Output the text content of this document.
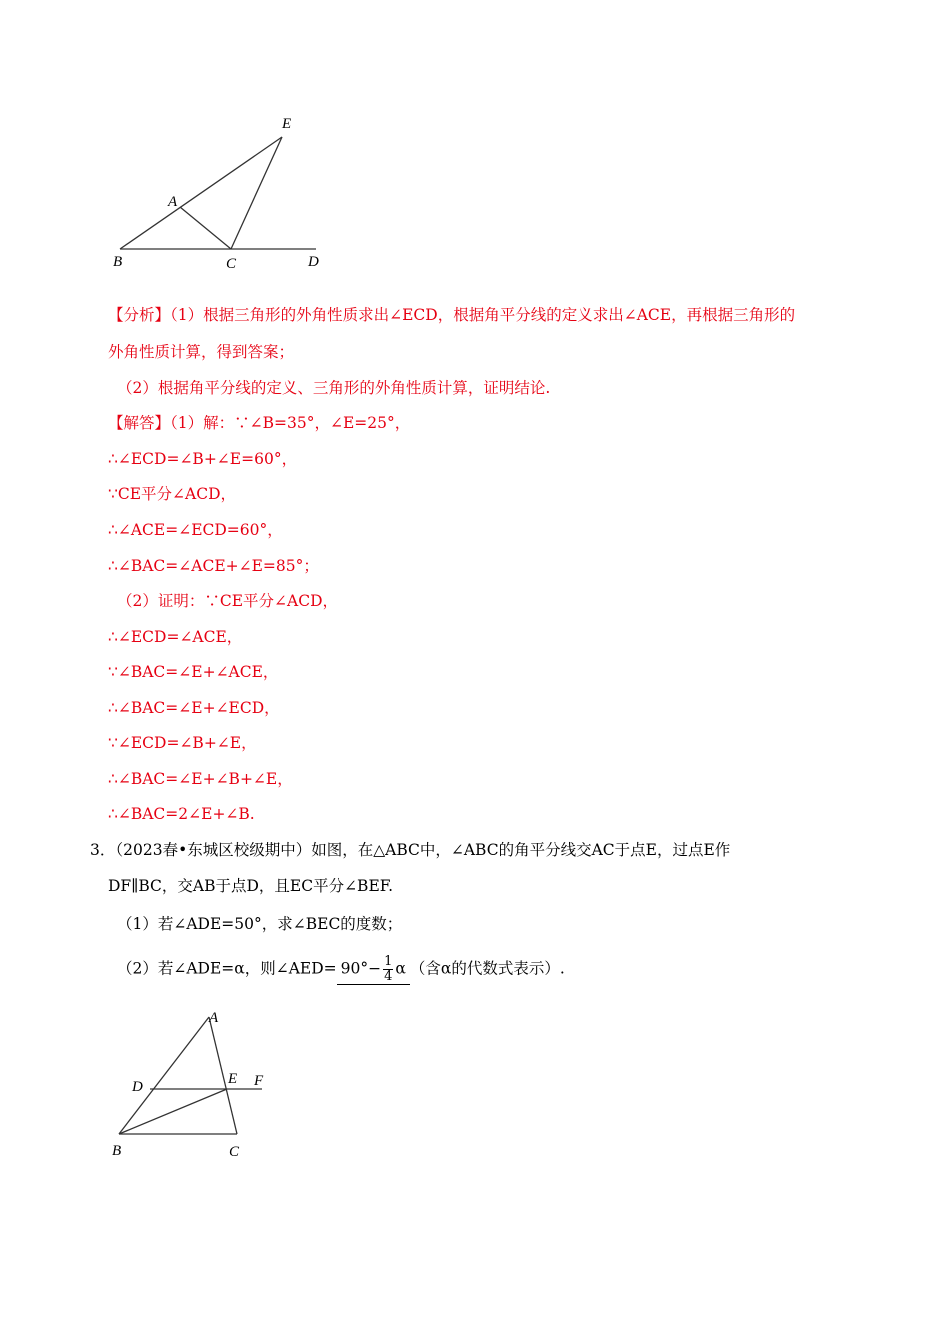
E
A
B	C	D
【分析】（1）根据三角形的外角性质求出∠ECD，根据角平分线的定义求出∠ACE，再根据三角形的
外角性质计算，得到答案；
（2）根据角平分线的定义、三角形的外角性质计算，证明结论.
【解答】（1）解：∵∠B=35°，∠E=25°，
∴∠ECD=∠B+∠E=60°，
∵CE平分∠ACD，
∴∠ACE=∠ECD=60°，
∴∠BAC=∠ACE+∠E=85°；
（2）证明：∵CE平分∠ACD，
∴∠ECD=∠ACE，
∵∠BAC=∠E+∠ACE，
∴∠BAC=∠E+∠ECD，
∵∠ECD=∠B+∠E，
∴∠BAC=∠E+∠B+∠E，
∴∠BAC=2∠E+∠B.
3．（2023春•东城区校级期中）如图，在△ABC中，∠ABC的角平分线交AC于点E，过点E作
DF∥BC，交AB于点D，且EC平分∠BEF.
（1）若∠ADE=50°，求∠BEC的度数；
（2）若∠ADE=α，则∠AED= $90^\circ- \frac{1}{4}$ α （含α的代数式表示）.
A
D	E F
B	C
